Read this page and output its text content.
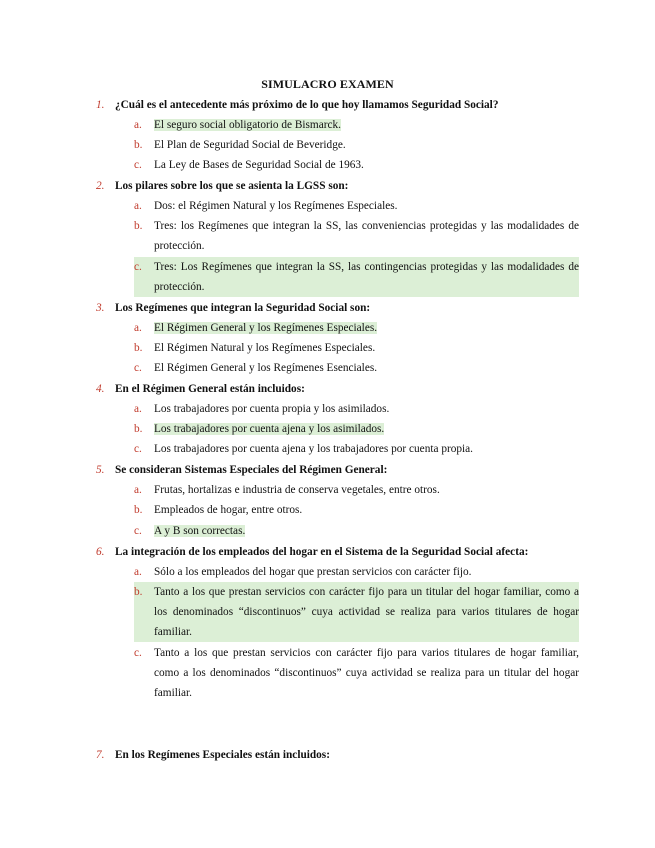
SIMULACRO EXAMEN
1. ¿Cuál es el antecedente más próximo de lo que hoy llamamos Seguridad Social?
a.	El seguro social obligatorio de Bismarck.
b.	El Plan de Seguridad Social de Beveridge.
c.	La Ley de Bases de Seguridad Social de 1963.
2. Los pilares sobre los que se asienta la LGSS son:
a.	Dos: el Régimen Natural y los Regímenes Especiales.
b.	Tres: los Regímenes que integran la SS, las conveniencias protegidas y las modalidades de protección.
c.	Tres: Los Regímenes que integran la SS, las contingencias protegidas y las modalidades de protección.
3. Los Regímenes que integran la Seguridad Social son:
a.	El Régimen General y los Regímenes Especiales.
b.	El Régimen Natural y los Regímenes Especiales.
c.	El Régimen General y los Regímenes Esenciales.
4. En el Régimen General están incluidos:
a.	Los trabajadores por cuenta propia y los asimilados.
b.	Los trabajadores por cuenta ajena y los asimilados.
c.	Los trabajadores por cuenta ajena y los trabajadores por cuenta propia.
5. Se consideran Sistemas Especiales del Régimen General:
a.	Frutas, hortalizas e industria de conserva vegetales, entre otros.
b.	Empleados de hogar, entre otros.
c.	A y B son correctas.
6. La integración de los empleados del hogar en el Sistema de la Seguridad Social afecta:
a.	Sólo a los empleados del hogar que prestan servicios con carácter fijo.
b.	Tanto a los que prestan servicios con carácter fijo para un titular del hogar familiar, como a los denominados “discontinuos” cuya actividad se realiza para varios titulares de hogar familiar.
c.	Tanto a los que prestan servicios con carácter fijo para varios titulares de hogar familiar, como a los denominados “discontinuos” cuya actividad se realiza para un titular del hogar familiar.
7. En los Regímenes Especiales están incluidos:
